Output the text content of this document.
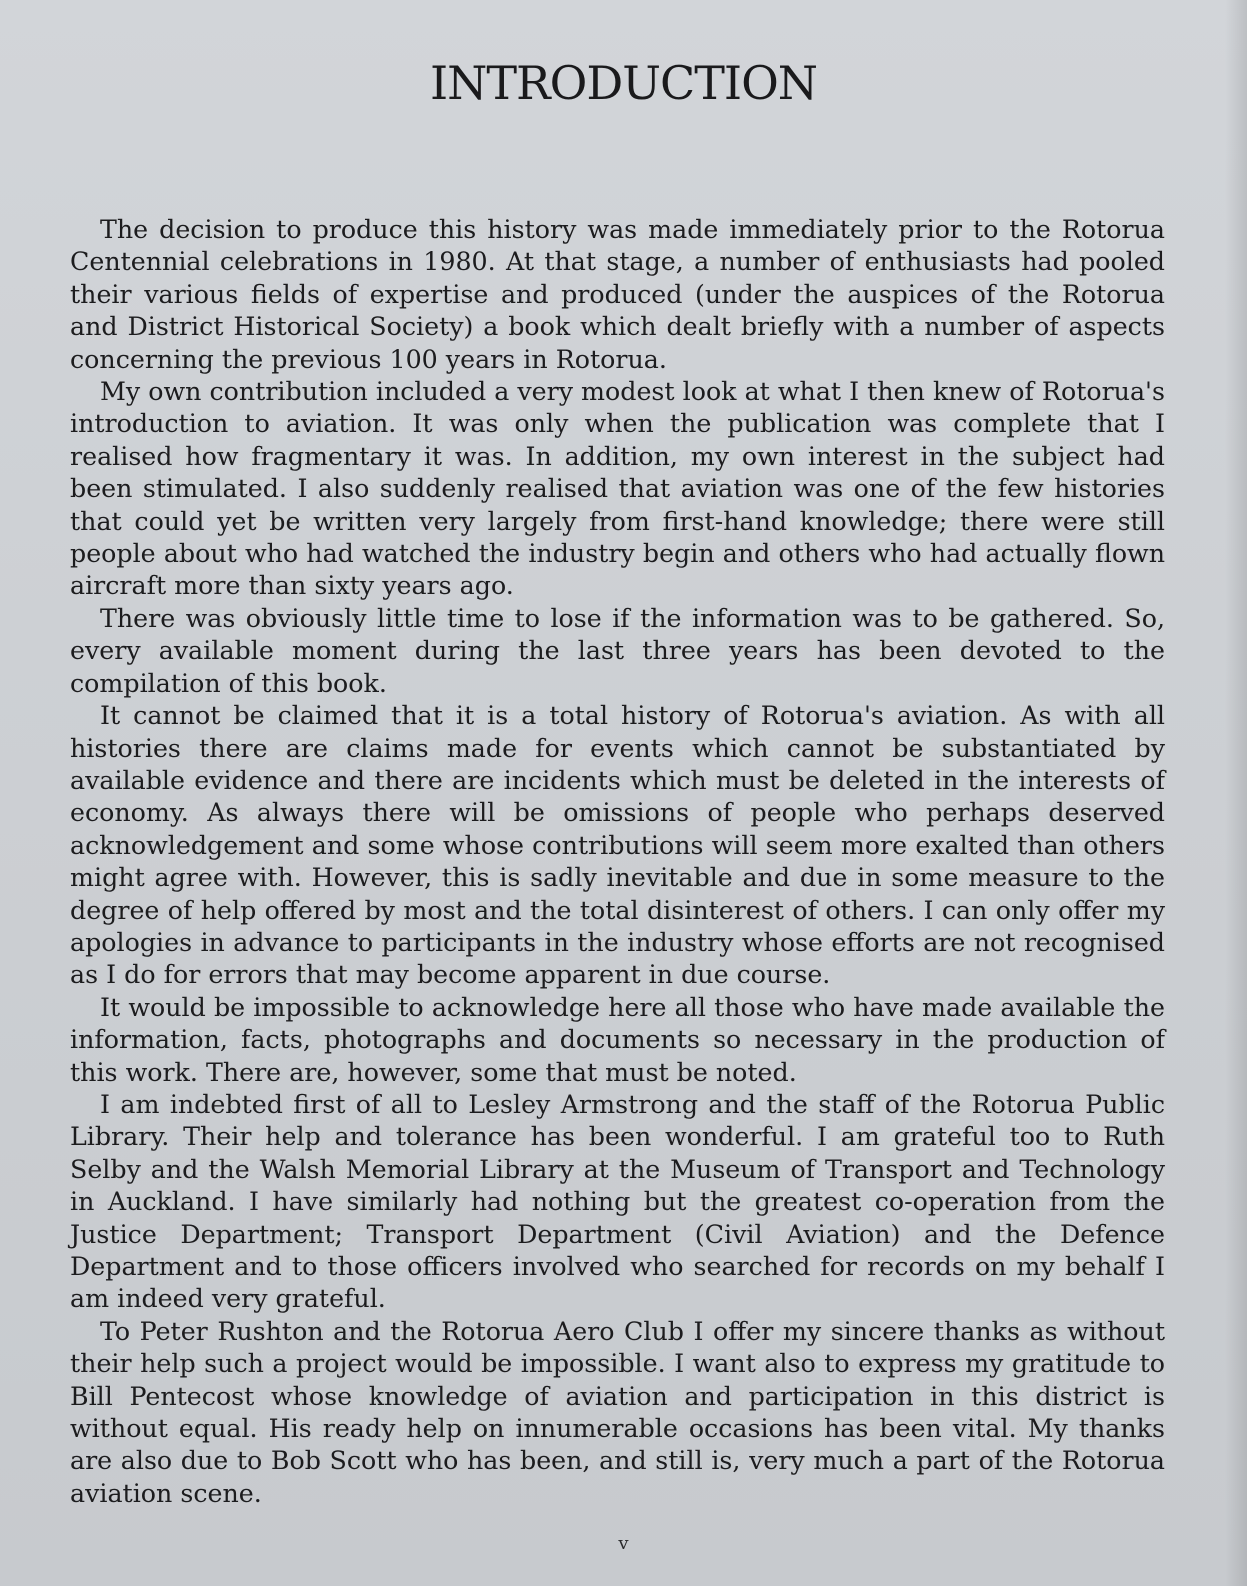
INTRODUCTION

The decision to produce this history was made immediately prior to the Rotorua Centennial celebrations in 1980. At that stage, a number of enthusiasts had pooled their various fields of expertise and produced (under the auspices of the Rotorua and District Historical Society) a book which dealt briefly with a number of aspects concerning the previous 100 years in Rotorua.

My own contribution included a very modest look at what I then knew of Rotorua's introduction to aviation. It was only when the publication was complete that I realised how fragmentary it was. In addition, my own interest in the subject had been stimulated. I also suddenly realised that aviation was one of the few histories that could yet be written very largely from first-hand knowledge; there were still people about who had watched the industry begin and others who had actually flown aircraft more than sixty years ago.

There was obviously little time to lose if the information was to be gathered. So, every available moment during the last three years has been devoted to the compilation of this book.

It cannot be claimed that it is a total history of Rotorua's aviation. As with all histories there are claims made for events which cannot be substantiated by available evidence and there are incidents which must be deleted in the interests of economy. As always there will be omissions of people who perhaps deserved acknowledgement and some whose contributions will seem more exalted than others might agree with. However, this is sadly inevitable and due in some measure to the degree of help offered by most and the total disinterest of others. I can only offer my apologies in advance to participants in the industry whose efforts are not recognised as I do for errors that may become apparent in due course.

It would be impossible to acknowledge here all those who have made available the information, facts, photographs and documents so necessary in the production of this work. There are, however, some that must be noted.

I am indebted first of all to Lesley Armstrong and the staff of the Rotorua Public Library. Their help and tolerance has been wonderful. I am grateful too to Ruth Selby and the Walsh Memorial Library at the Museum of Transport and Technology in Auckland. I have similarly had nothing but the greatest co-operation from the Justice Department; Transport Department (Civil Aviation) and the Defence Department and to those officers involved who searched for records on my behalf I am indeed very grateful.

To Peter Rushton and the Rotorua Aero Club I offer my sincere thanks as without their help such a project would be impossible. I want also to express my gratitude to Bill Pentecost whose knowledge of aviation and participation in this district is without equal. His ready help on innumerable occasions has been vital. My thanks are also due to Bob Scott who has been, and still is, very much a part of the Rotorua aviation scene.

v
